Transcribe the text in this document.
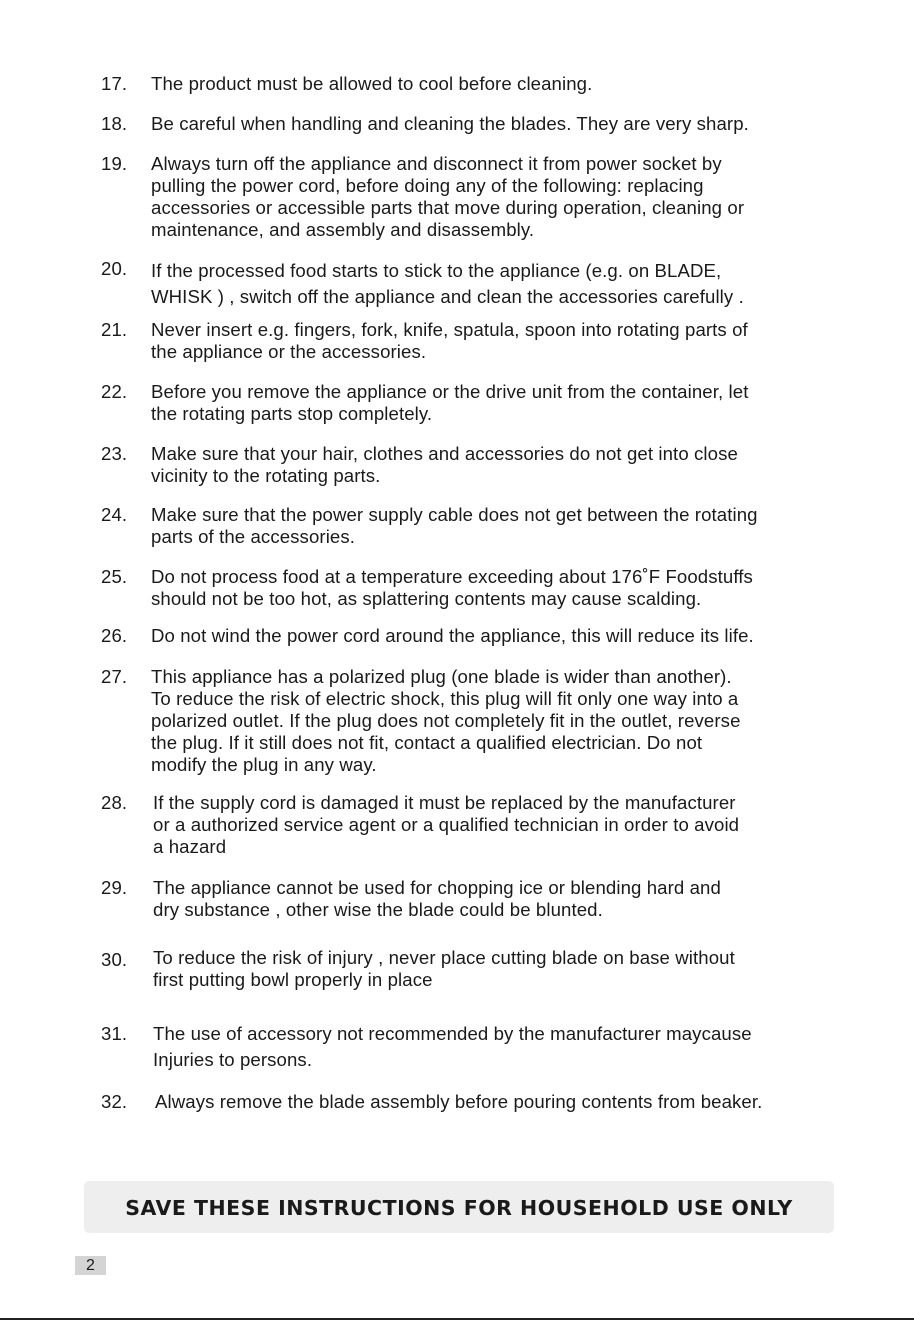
17. The product must be allowed to cool before cleaning.
18. Be careful when handling and cleaning the blades. They are very sharp.
19. Always turn off the appliance and disconnect it from power socket by
pulling the power cord, before doing any of the following: replacing
accessories or accessible parts that move during operation, cleaning or
maintenance, and assembly and disassembly.
20. If the processed food starts to stick to the appliance (e.g. on BLADE,
WHISK ) , switch off the appliance and clean the accessories carefully .
21. Never insert e.g. fingers, fork, knife, spatula, spoon into rotating parts of
the appliance or the accessories.
22. Before you remove the appliance or the drive unit from the container, let
the rotating parts stop completely.
23. Make sure that your hair, clothes and accessories do not get into close
vicinity to the rotating parts.
24. Make sure that the power supply cable does not get between the rotating
parts of the accessories.
25. Do not process food at a temperature exceeding about 176˚F Foodstuffs
should not be too hot, as splattering contents may cause scalding.
26. Do not wind the power cord around the appliance, this will reduce its life.
27. This appliance has a polarized plug (one blade is wider than another).
To reduce the risk of electric shock, this plug will fit only one way into a
polarized outlet. If the plug does not completely fit in the outlet, reverse
the plug. If it still does not fit, contact a qualified electrician. Do not
modify the plug in any way.
28. If the supply cord is damaged it must be replaced by the manufacturer
or a authorized service agent or a qualified technician in order to avoid
a hazard
29. The appliance cannot be used for chopping ice or blending hard and
dry substance , other wise the blade could be blunted.
30. To reduce the risk of injury , never place cutting blade on base without
first putting bowl properly in place
31. The use of accessory not recommended by the manufacturer maycause
Injuries to persons.
32. Always remove the blade assembly before pouring contents from beaker.
SAVE THESE INSTRUCTIONS FOR HOUSEHOLD USE ONLY
2
